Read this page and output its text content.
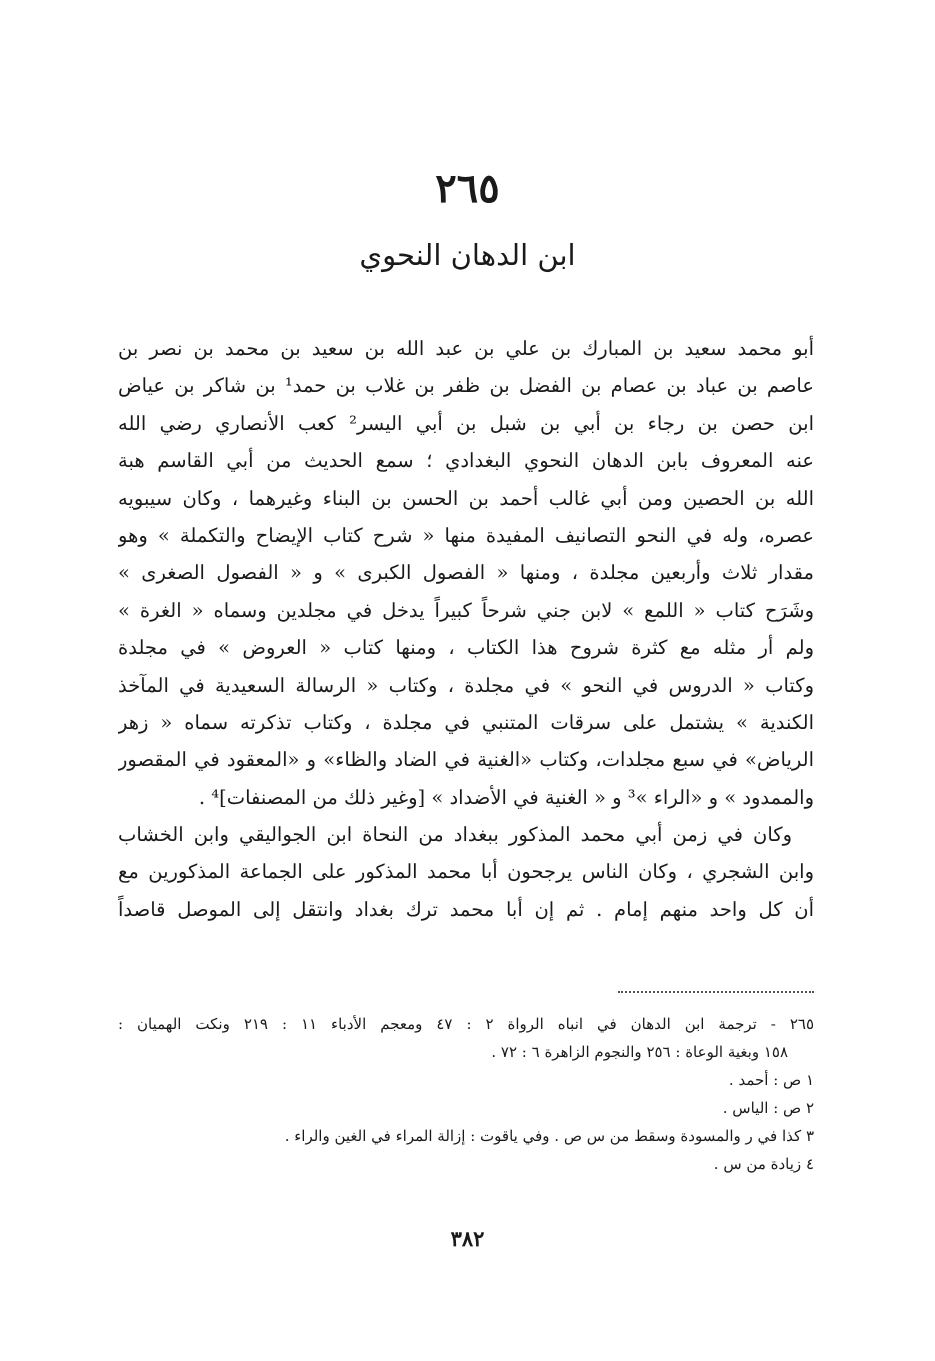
٢٦٥
ابن الدهان النحوي
أبو محمد سعيد بن المبارك بن علي بن عبد الله بن سعيد بن محمد بن نصر بن
عاصم بن عباد بن عصام بن الفضل بن ظفر بن غلاب بن حمد¹ بن شاكر بن عياض
ابن حصن بن رجاء بن أبي بن شبل بن أبي اليسر² كعب الأنصاري رضي الله
عنه المعروف بابن الدهان النحوي البغدادي ؛ سمع الحديث من أبي القاسم هبة
الله بن الحصين ومن أبي غالب أحمد بن الحسن بن البناء وغيرهما ، وكان سيبويه
عصره، وله في النحو التصانيف المفيدة منها « شرح كتاب الإيضاح والتكملة » وهو
مقدار ثلاث وأربعين مجلدة ، ومنها « الفصول الكبرى » و « الفصول الصغرى »
وشَرَح كتاب « اللمع » لابن جني شرحاً كبيراً يدخل في مجلدين وسماه « الغرة »
ولم أر مثله مع كثرة شروح هذا الكتاب ، ومنها كتاب « العروض » في مجلدة
وكتاب « الدروس في النحو » في مجلدة ، وكتاب « الرسالة السعيدية في المآخذ
الكندية » يشتمل على سرقات المتنبي في مجلدة ، وكتاب تذكرته سماه « زهر
الرياض» في سبع مجلدات، وكتاب «الغنية في الضاد والظاء» و «المعقود في المقصور
والممدود » و «الراء »³ و « الغنية في الأضداد » [وغير ذلك من المصنفات]⁴ .
وكان في زمن أبي محمد المذكور ببغداد من النحاة ابن الجواليقي وابن الخشاب
وابن الشجري ، وكان الناس يرجحون أبا محمد المذكور على الجماعة المذكورين مع
أن كل واحد منهم إمام . ثم إن أبا محمد ترك بغداد وانتقل إلى الموصل قاصداً
٢٦٥ - ترجمة ابن الدهان في انباه الرواة ٢ : ٤٧ ومعجم الأدباء ١١ : ٢١٩ ونكت الهميان :
١٥٨ وبغية الوعاة : ٢٥٦ والنجوم الزاهرة ٦ : ٧٢ .
١ ص : أحمد .
٢ ص : الياس .
٣ كذا في ر والمسودة وسقط من س ص . وفي ياقوت : إزالة المراء في الغين والراء .
٤ زيادة من س .
٣٨٢
